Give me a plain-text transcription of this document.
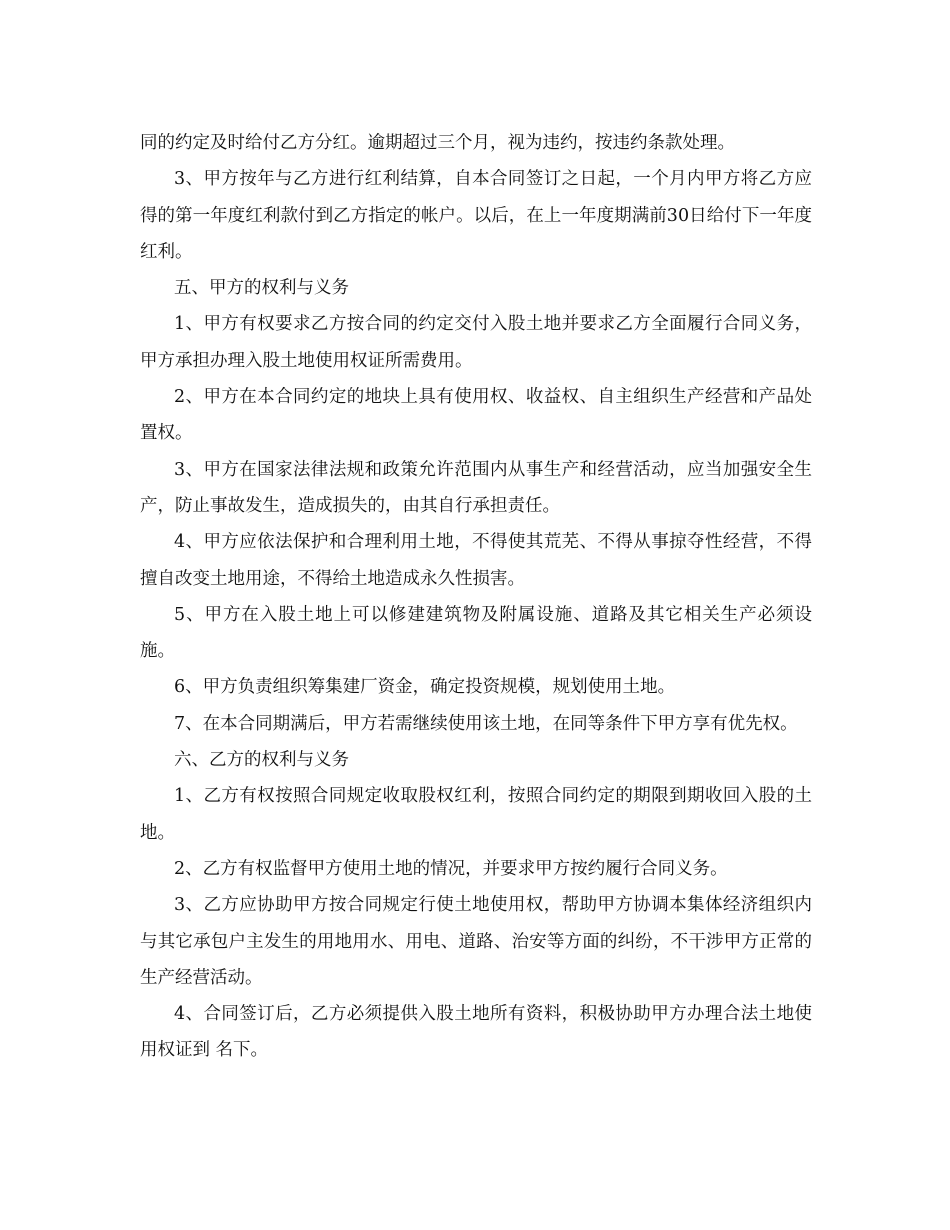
同的约定及时给付乙方分红。逾期超过三个月，视为违约，按违约条款处理。

3、甲方按年与乙方进行红利结算，自本合同签订之日起，一个月内甲方将乙方应得的第一年度红利款付到乙方指定的帐户。以后，在上一年度期满前30日给付下一年度红利。

五、甲方的权利与义务

1、甲方有权要求乙方按合同的约定交付入股土地并要求乙方全面履行合同义务，甲方承担办理入股土地使用权证所需费用。

2、甲方在本合同约定的地块上具有使用权、收益权、自主组织生产经营和产品处置权。

3、甲方在国家法律法规和政策允许范围内从事生产和经营活动，应当加强安全生产，防止事故发生，造成损失的，由其自行承担责任。

4、甲方应依法保护和合理利用土地，不得使其荒芜、不得从事掠夺性经营，不得擅自改变土地用途，不得给土地造成永久性损害。

5、甲方在入股土地上可以修建建筑物及附属设施、道路及其它相关生产必须设施。

6、甲方负责组织筹集建厂资金，确定投资规模，规划使用土地。

7、在本合同期满后，甲方若需继续使用该土地，在同等条件下甲方享有优先权。

六、乙方的权利与义务

1、乙方有权按照合同规定收取股权红利，按照合同约定的期限到期收回入股的土地。

2、乙方有权监督甲方使用土地的情况，并要求甲方按约履行合同义务。

3、乙方应协助甲方按合同规定行使土地使用权，帮助甲方协调本集体经济组织内与其它承包户主发生的用地用水、用电、道路、治安等方面的纠纷，不干涉甲方正常的生产经营活动。

4、合同签订后，乙方必须提供入股土地所有资料，积极协助甲方办理合法土地使用权证到 名下。
